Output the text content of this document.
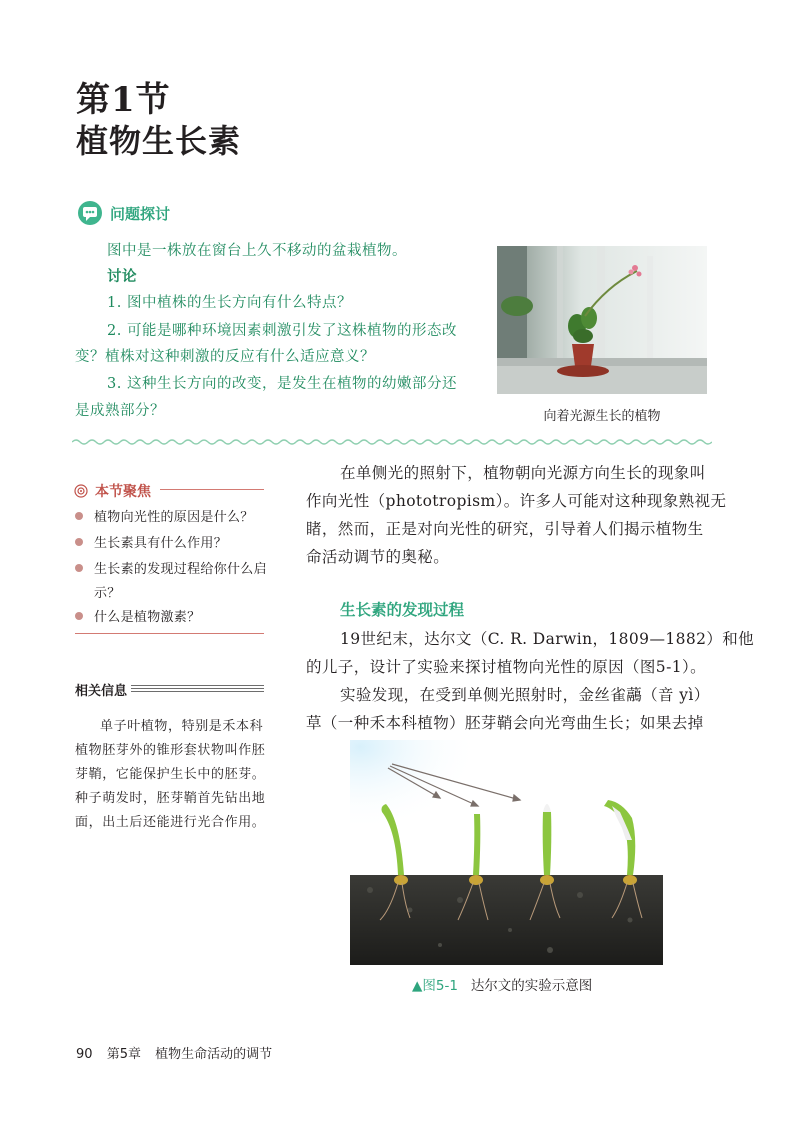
第1节
植物生长素
问题探讨
图中是一株放在窗台上久不移动的盆栽植物。
讨论
1. 图中植株的生长方向有什么特点？
2. 可能是哪种环境因素刺激引发了这株植物的形态改
变？植株对这种刺激的反应有什么适应意义？
3. 这种生长方向的改变，是发生在植物的幼嫩部分还
是成熟部分？	向着光源生长的植物
本节聚焦
植物向光性的原因是什么？
生长素具有什么作用？
生长素的发现过程给你什么启
示？
什么是植物激素？
相关信息
单子叶植物，特别是禾本科
植物胚芽外的锥形套状物叫作胚
芽鞘，它能保护生长中的胚芽。
种子萌发时，胚芽鞘首先钻出地
面，出土后还能进行光合作用。
在单侧光的照射下，植物朝向光源方向生长的现象叫
作向光性（phototropism）。许多人可能对这种现象熟视无
睹，然而，正是对向光性的研究，引导着人们揭示植物生
命活动调节的奥秘。
生长素的发现过程
19世纪末，达尔文（C. R. Darwin，1809—1882）和他
的儿子，设计了实验来探讨植物向光性的原因（图5-1）。
实验发现，在受到单侧光照射时，金丝雀虉（音 yì）
草（一种禾本科植物）胚芽鞘会向光弯曲生长；如果去掉
▲图5-1 达尔文的实验示意图
90 第5章 植物生命活动的调节
